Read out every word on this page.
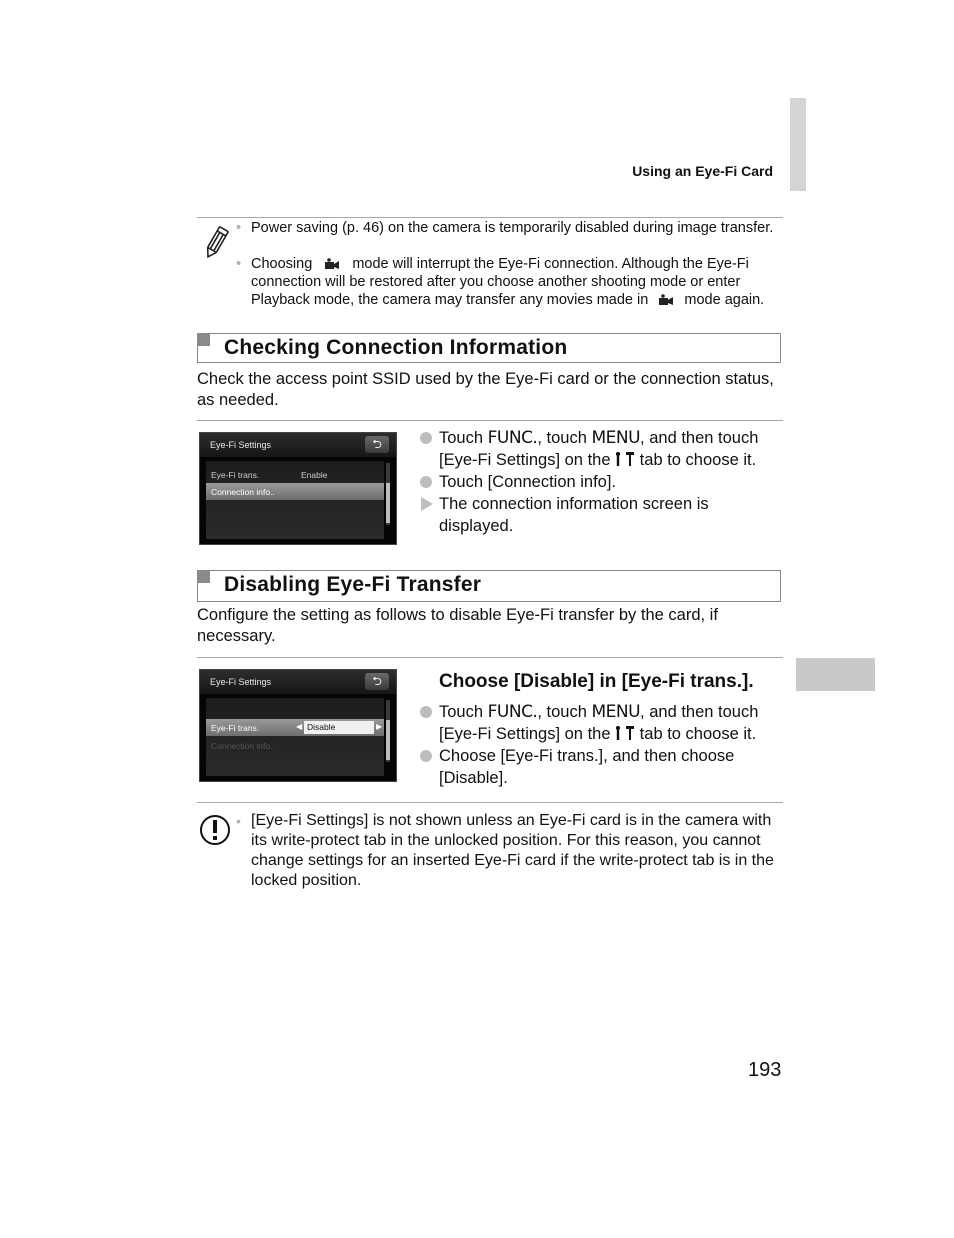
Using an Eye-Fi Card
• Power saving (p. 46) on the camera is temporarily disabled during image transfer.
• Choosing	mode will interrupt the Eye-Fi connection. Although the Eye-Fi connection will be restored after you choose another shooting mode or enter Playback mode, the camera may transfer any movies made in mode again.
Checking Connection Information
Check the access point SSID used by the Eye-Fi card or the connection status, as needed.
Eye-Fi Settings	⮌
Eye-Fi trans.	Enable
Connection info..
Touch FUNC., touch MENU, and then touch [Eye-Fi Settings] on the  tab to choose it.
Touch [Connection info].
The connection information screen is displayed.
Disabling Eye-Fi Transfer
Configure the setting as follows to disable Eye-Fi transfer by the card, if necessary.
Eye-Fi Settings	⮌
Eye-Fi trans.	◀ Disable	▶
Connection info..
Choose [Disable] in [Eye-Fi trans.].
Touch FUNC., touch MENU, and then touch [Eye-Fi Settings] on the  tab to choose it.
Choose [Eye-Fi trans.], and then choose [Disable].
• [Eye-Fi Settings] is not shown unless an Eye-Fi card is in the camera with its write-protect tab in the unlocked position. For this reason, you cannot change settings for an inserted Eye-Fi card if the write-protect tab is in the locked position.
193
